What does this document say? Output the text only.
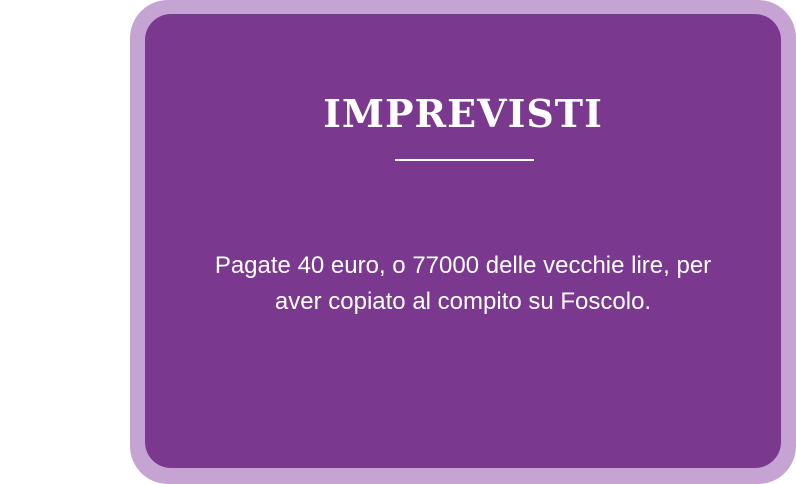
IMPREVISTI
Pagate 40 euro, o 77000 delle vecchie lire, per aver copiato al compito su Foscolo.
